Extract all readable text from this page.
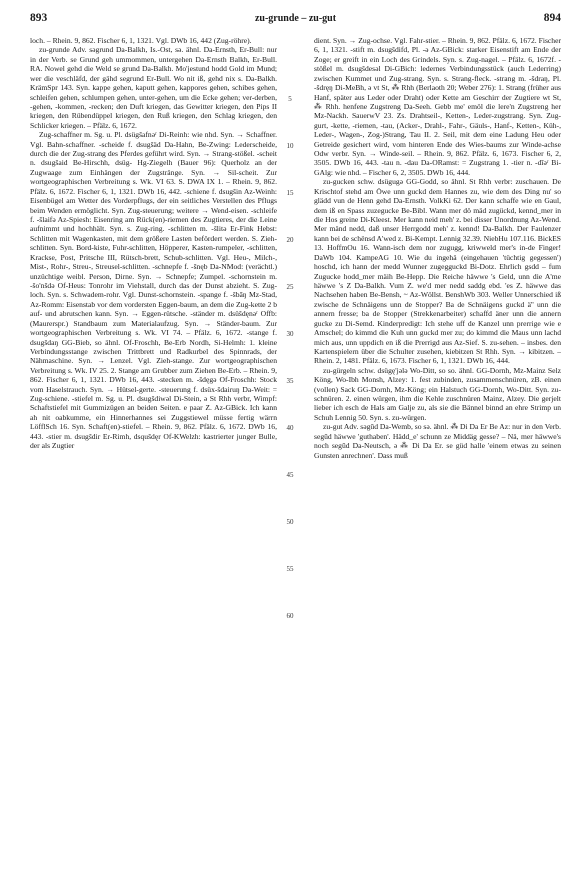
893	zu-grunde – zu-gut	894

loch. – Rhein. 9, 862. Fischer 6, 1, 1321. Vgl. DWb 16, 442 (Zug-röhre).

zu-grunde Adv. sǝgrund Da-Balkh, Is.-Ost, sǝ. ähnl. Da-Ernsth, Er-Bull: nur in der Verb. se Grund geh ummommen, untergehen Da-Ernsth Balkh, Er-Bull. RA. Nowel gehd die Weld se grund Da-Balkh. Mo'jestund hodd Gold im Mund; wer die veschläfd, der gähd segrund Er-Bull. Wo nit iß, gehd nix s. Da-Balkh. KrämSpr 143. Syn. kappe gehen, kaputt gehen, kappores gehen, schibes gehen, schleifen gehen, schlumpen gehen, unter-gehen, um die Ecke gehen; ver-derben, -gehen, -kommen, -recken; den Duft kriegen, das Gewitter kriegen, den Pips II kriegen, den Rübendüppel kriegen, den Ruß kriegen, den Schlag kriegen, den Schlicker kriegen. – Pfälz. 6, 1672.

Zug-schaffner m. Sg. u. Pl. dsügšafnǝʳ Di-Reinh: wie nhd. Syn. → Schaffner. Vgl. Bahn-schaffner. -scheide f. dsugšäd Da-Hahn, Be-Zwing: Lederscheide, durch die der Zug-strang des Pferdes geführt wird. Syn. → Strang-stößel. -scheit n. dsugšaid Be-Hirschh, dsüg- Hg-Ziegelh (Bauer 96): Querholz an der Zugwaage zum Einhängen der Zugstränge. Syn. → Sil-scheit. Zur wortgeographischen Verbreitung s. Wk. VI 63. S. DWA IX 1. – Rhein. 9, 862. Pfälz. 6, 1672. Fischer 6, 1, 1321. DWb 16, 442. -schiene f. dsugšin Az-Weinh: Eisenbügel am Wetter des Vorderpflugs, der ein seitliches Verstellen des Pflugs beim Wenden ermöglicht. Syn. Zug-steuerung; weitere → Wend-eisen. -schleife f. -šlaifǝ Az-Spiesh: Eisenring am Rück(en)-riemen des Zugtieres, der die Leine aufnimmt und hochhält. Syn. s. Zug-ring. -schlitten m. -šlitǝ Er-Fink Hebst: Schlitten mit Wagenkasten, mit dem größere Lasten befördert werden. S. Zieh-schlitten. Syn. Bord-kiste, Fuhr-schlitten, Höpperer, Kasten-rumpeler, -schlitten, Krackse, Post, Pritsche III, Rütsch-brett, Schub-schlitten. Vgl. Heu-, Milch-, Mist-, Rohr-, Streu-, Streusel-schlitten. -schnepfe f. -šnęb Da-NMod: (verächtl.) unzüchtige weibl. Person, Dirne. Syn. → Schnepfe; Zumpel. -schornstein m. -šo'nšdǝ Of-Heus: Tonrohr im Viehstall, durch das der Dunst abzieht. S. Zug-loch. Syn. s. Schwadem-rohr. Vgl. Dunst-schornstein. -spange f. -šbāŋ Mz-Stad, Az-Romm: Eisenstab vor dem vordersten Eggen-baum, an dem die Zug-kette 2 b auf- und abrutschen kann. Syn. → Eggen-rütsche. -ständer m. dsüšdęnǝʳ Offb: (Maurerspr.) Standbaum zum Materialaufzug. Syn. → Ständer-baum. Zur wortgeographischen Verbreitung s. Wk. VI 74. – Pfälz. 6, 1672. -stange f. dsugšdaŋ GG-Bieb, so ähnl. Of-Froschh, Be-Erb Nordh, Si-Helmh: 1. kleine Verbindungsstange zwischen Trittbrett und Radkurbel des Spinnrads, der Nähmaschine. Syn. → Lenzel. Vgl. Zieh-stange. Zur wortgeographischen Verbreitung s. Wk. IV 25. 2. Stange am Grubber zum Ziehen Be-Erb. – Rhein. 9, 862. Fischer 6, 1, 1321. DWb 16, 443. -stecken m. -šdęgǝ Of-Froschh: Stock vom Haselstrauch. Syn. → Hütsel-gerte. -steuerung f. dsüx-šdairuŋ Da-Weit: = Zug-schiene. -stiefel m. Sg. u. Pl. dsugšdiwǝl Di-Stein, ǝ St Rhh verbr, Wimpf: Schaftstiefel mit Gummizügen an beiden Seiten. e paar Z. Az-GBick. Ich kann ah nit oabkumme, ein Hinnerhannes sei Zuggstiewel müsse fertig wärrn LöfflSch 16. Syn. Schaft(en)-stiefel. – Rhein. 9, 862. Pfälz. 6, 1672. DWb 16, 443. -stier m. dsugšdir Er-Rimh, dsqušdęr Of-KWelzh: kastrierter junger Bulle, der als Zugtier

dient. Syn. → Zug-ochse. Vgl. Fahr-stier. – Rhein. 9, 862. Pfälz. 6, 1672. Fischer 6, 1, 1321. -stift m. dsugšdifd, Pl. -ǝ Az-GBick: starker Eisenstift am Ende der Zoge; er greift in ein Loch des Grindels. Syn. s. Zug-nagel. – Pfälz. 6, 1672f. -stößel m. dsugšdesǝl Di-GBich: ledernes Verbindungsstück (auch Lederring) zwischen Kummet und Zug-strang. Syn. s. Strang-fleck. -strang m. -šdraŋ, Pl. -šdręŋ Di-MeBh, ǝ vt St, ⁂ Rhh (Berlaoth 20; Weber 276): 1. Strang (früher aus Hanf, später aus Leder oder Draht) oder Kette am Geschirr der Zugtiere wt St, ⁂ Rhh. henfene Zugstreng Da-Seeh. Gebb me' emöl die lere'n Zugstreng her Mz-Nackh. SauerwV 23. Zs. Drahtseil-, Ketten-, Leder-zugstrang. Syn. Zug-gurt, -kette, -riemen, -tau, (Acker-, Drahl-, Fahr-, Gäuls-, Hanf-, Ketten-, Küh-, Leder-, Wagen-, Zog-)Strang, Tau II. 2. Seil, mit dem eine Ladung Heu oder Getreide gesichert wird, vom hinteren Ende des Wies-baums zur Winde-achse Odw verbr. Syn. → Winde-seil. – Rhein. 9, 862. Pfälz. 6, 1673. Fischer 6, 2, 3505. DWb 16, 443. -tau n. -dau Da-ORamst: = Zugstrang 1. -tier n. -dīǝʳ Bi-GAlg: wie nhd. – Fischer 6, 2, 3505. DWb 16, 444.

zu-gucken schw. dsügugǝ GG-Godd, so ähnl. St Rhh verbr: zuschauen. De Krischtof stehd am Öwe unn guckd dem Hannes zu, wie dem des Ding nu' so glädd vun de Henn gehd Da-Ernsth. VolkKi 62. Der kann schaffe wie en Gaul, dem iß en Spass zuzegucke Be-Bibl. Wann mer dö mäd zugückd, kennd_mer in die Hos greine Di-Kleest. Mer kann neid meh' z. bei disser Unordnung Az-Wend. Mer mänd nedd, daß unser Herrgodd meh' z. kennd! Da-Balkh. Der Faulenzer kann bei de schënsd A'wed z. Bi-Kempt. Lennig 32.39. NiebHu 107.116. BickES 13. HoffmOu 16. Wann-isch dem nor zugugg, kriwweld mer's in-de Finger! DaWb 104. KampeAG 10. Wie du ingehä (eingehauen 'tüchtig gegessen') hoschd, ich hann der medd Wunner zugegguckd Bi-Dotz. Ehrlich gsdd – fum Zugucke hodd_mer mäih Be-Hepp. Die Reiche häwwe 's Geld, unn die A'me häwwe 's Z Da-Balkh. Vum Z. we'd mer nedd saddg ebd. 'es Z. häwwe das Nachsehen haben Be-Bensh, ~ Az-Wöllst. BenshWb 303. Weller Unnerschied iß zwische de Schnäigens unn de Stopper? Ba de Schnäigens guckd ä'' unn die annern fresse; ba de Stopper (Strekkenarbeiter) schaffd äner unn die annern gucke zu Di-Semd. Kinderpredigt: Ich stehe uff de Kanzel unn prerrige wie e Amschel; do kimmd die Kuh unn guckd mer zu; do kimmd die Maus unn lachd mich aus, unn uppdich en iß die Prerrigd aus Az-Sief. S. zu-sehen. – insbes. den Kartenspielern über die Schulter zusehen, kiebitzen St Rhh. Syn. → kibitzen. – Rhein. 2, 1481. Pfälz. 6, 1673. Fischer 6, 1, 1321. DWb 16, 444.

zu-gürgeln schw. dsügę'jǝlǝ Wo-Ditt, so so. ähnl. GG-Dornh, Mz-Mainz Selz Köng, Wo-Ibh Monsh, Alzey: 1. fest zubinden, zusammenschnüren, zB. einen (vollen) Sack GG-Dornh, Mz-Köng; ein Halstuch GG-Dornh, Wo-Ditt. Syn. zu-schnüren. 2. einen würgen, ihm die Kehle zuschnüren Mainz, Alzey. Die gerjelt lieber ich esch de Hals am Galje zu, als sie die Bännel binnd an ehre Strimp un Schuh Lennig 50. Syn. s. zu-würgen.

zu-gut Adv. sǝgūd Da-Wemb, so sǝ. ähnl. ⁂ Di Da Er Be Az: nur in den Verb. segūd häwwe 'guthaben'. Hädd_e' schunn ze Middäg gesse? – Nä, mer häwwe's noch segūd Da-Neutsch, ǝ ⁂ Di Da Er. se güd halle 'einem etwas zu seinen Gunsten anrechnen'. Dass muß

5
10
15
20
25
30
35
40
45
50
55
60
